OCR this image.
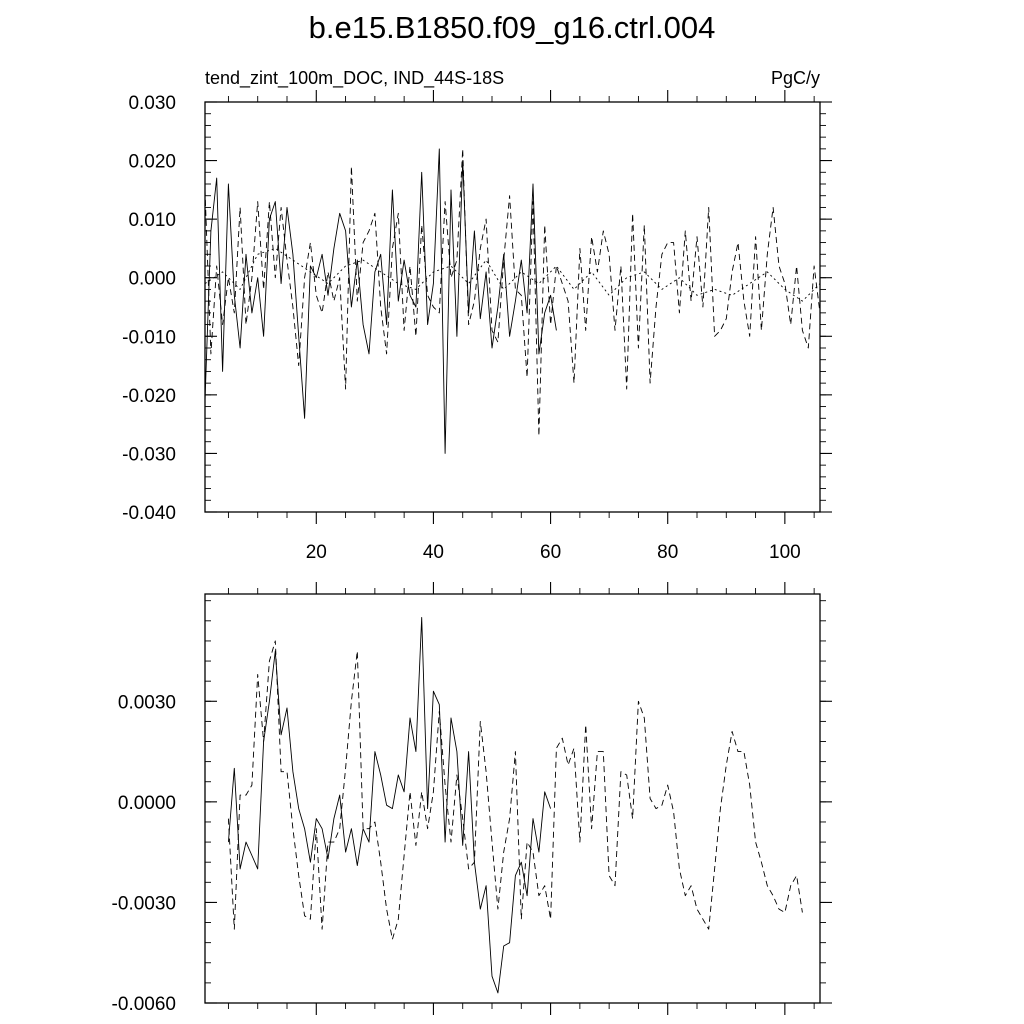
b.e15.B1850.f09_g16.ctrl.004
tend_zint_100m_DOC, IND_44S-18S	PgC/y
-0.040
-0.030
-0.020
-0.010
0.000
0.010
0.020
0.030
20	40	60	80	100
-0.0060
-0.0030
0.0000
0.0030
